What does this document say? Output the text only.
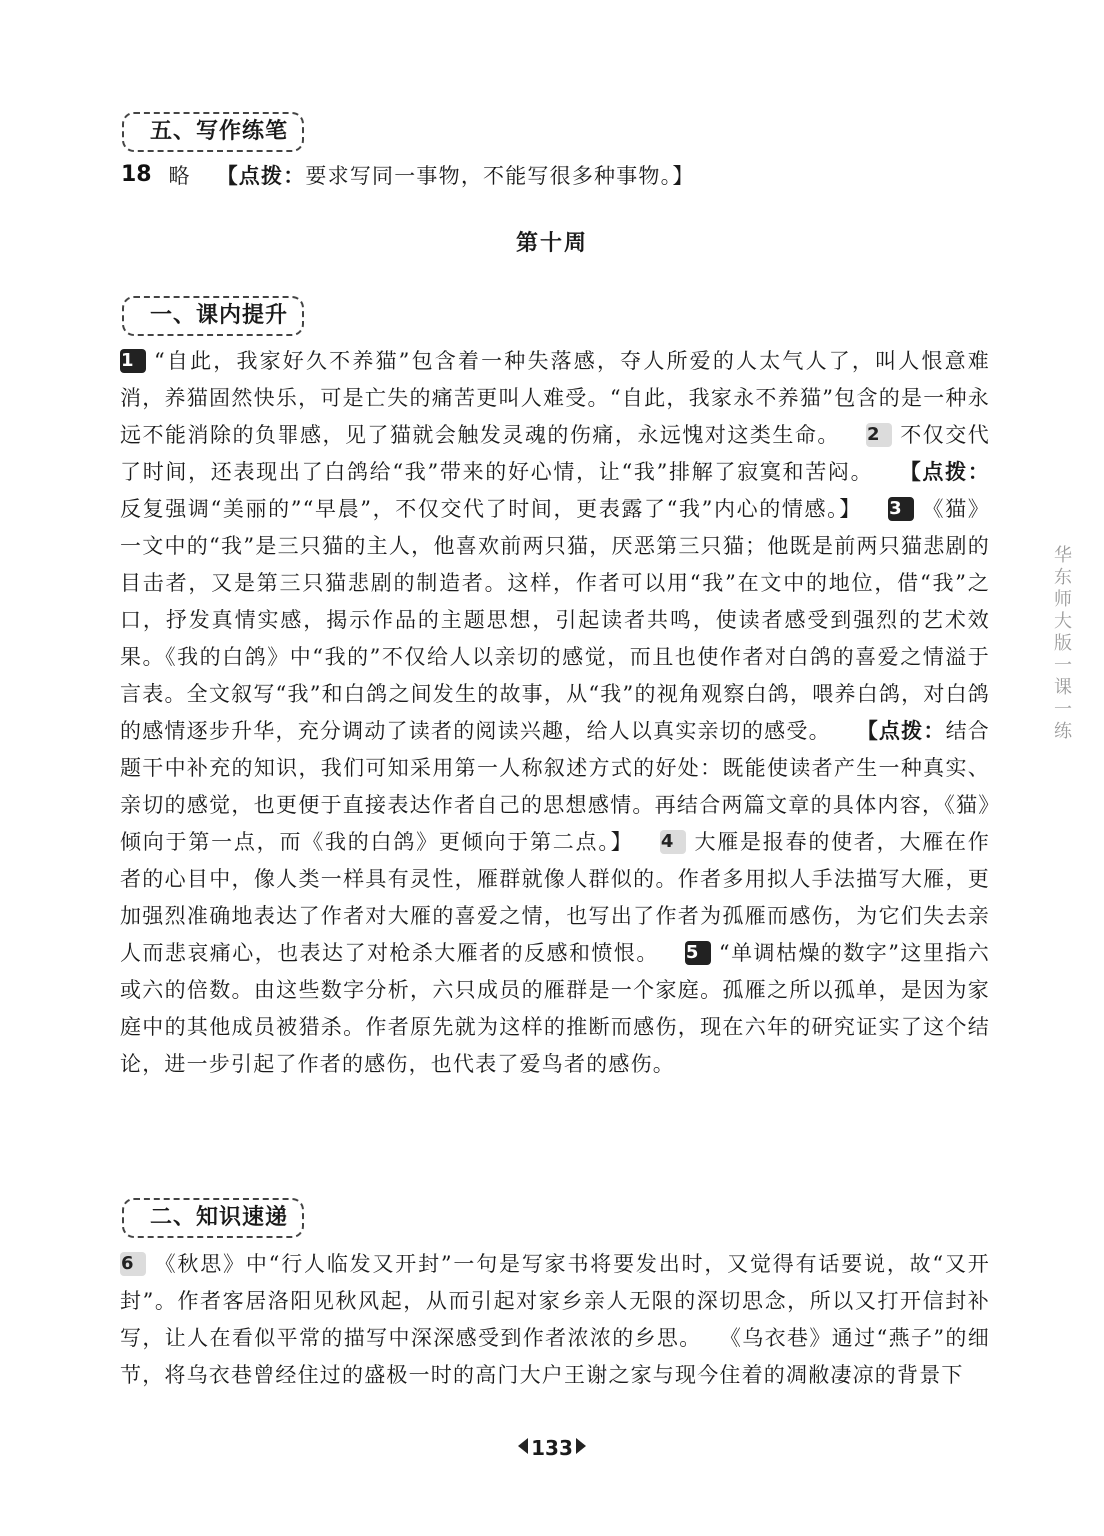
五、写作练笔

18 略 【点拨：要求写同一事物，不能写很多种事物。】

第十周
一、课内提升

1 “自此，我家好久不养猫”包含着一种失落感，夺人所爱的人太气人了，叫人恨意难消，养猫固然快乐，可是亡失的痛苦更叫人难受。“自此，我家永不养猫”包含的是一种永远不能消除的负罪感，见了猫就会触发灵魂的伤痛，永远愧对这类生命。 2 不仅交代了时间，还表现出了白鸽给“我”带来的好心情，让“我”排解了寂寞和苦闷。 【点拨：反复强调“美丽的”“早晨”，不仅交代了时间，更表露了“我”内心的情感。】 3 《猫》一文中的“我”是三只猫的主人，他喜欢前两只猫，厌恶第三只猫；他既是前两只猫悲剧的目击者，又是第三只猫悲剧的制造者。这样，作者可以用“我”在文中的地位，借“我”之口，抒发真情实感，揭示作品的主题思想，引起读者共鸣，使读者感受到强烈的艺术效果。《我的白鸽》中“我的”不仅给人以亲切的感觉，而且也使作者对白鸽的喜爱之情溢于言表。全文叙写“我”和白鸽之间发生的故事，从“我”的视角观察白鸽，喂养白鸽，对白鸽的感情逐步升华，充分调动了读者的阅读兴趣，给人以真实亲切的感受。 【点拨：结合题干中补充的知识，我们可知采用第一人称叙述方式的好处：既能使读者产生一种真实、亲切的感觉，也更便于直接表达作者自己的思想感情。再结合两篇文章的具体内容，《猫》倾向于第一点，而《我的白鸽》更倾向于第二点。】 4 大雁是报春的使者，大雁在作者的心目中，像人类一样具有灵性，雁群就像人群似的。作者多用拟人手法描写大雁，更加强烈准确地表达了作者对大雁的喜爱之情，也写出了作者为孤雁而感伤，为它们失去亲人而悲哀痛心，也表达了对枪杀大雁者的反感和愤恨。 5 “单调枯燥的数字”这里指六或六的倍数。由这些数字分析，六只成员的雁群是一个家庭。孤雁之所以孤单，是因为家庭中的其他成员被猎杀。作者原先就为这样的推断而感伤，现在六年的研究证实了这个结论，进一步引起了作者的感伤，也代表了爱鸟者的感伤。

二、知识速递

6 《秋思》中“行人临发又开封”一句是写家书将要发出时，又觉得有话要说，故“又开封”。作者客居洛阳见秋风起，从而引起对家乡亲人无限的深切思念，所以又打开信封补写，让人在看似平常的描写中深深感受到作者浓浓的乡思。 《乌衣巷》通过“燕子”的细节，将乌衣巷曾经住过的盛极一时的高门大户王谢之家与现今住着的凋敝凄凉的背景下

华东师大版一课一练
133
